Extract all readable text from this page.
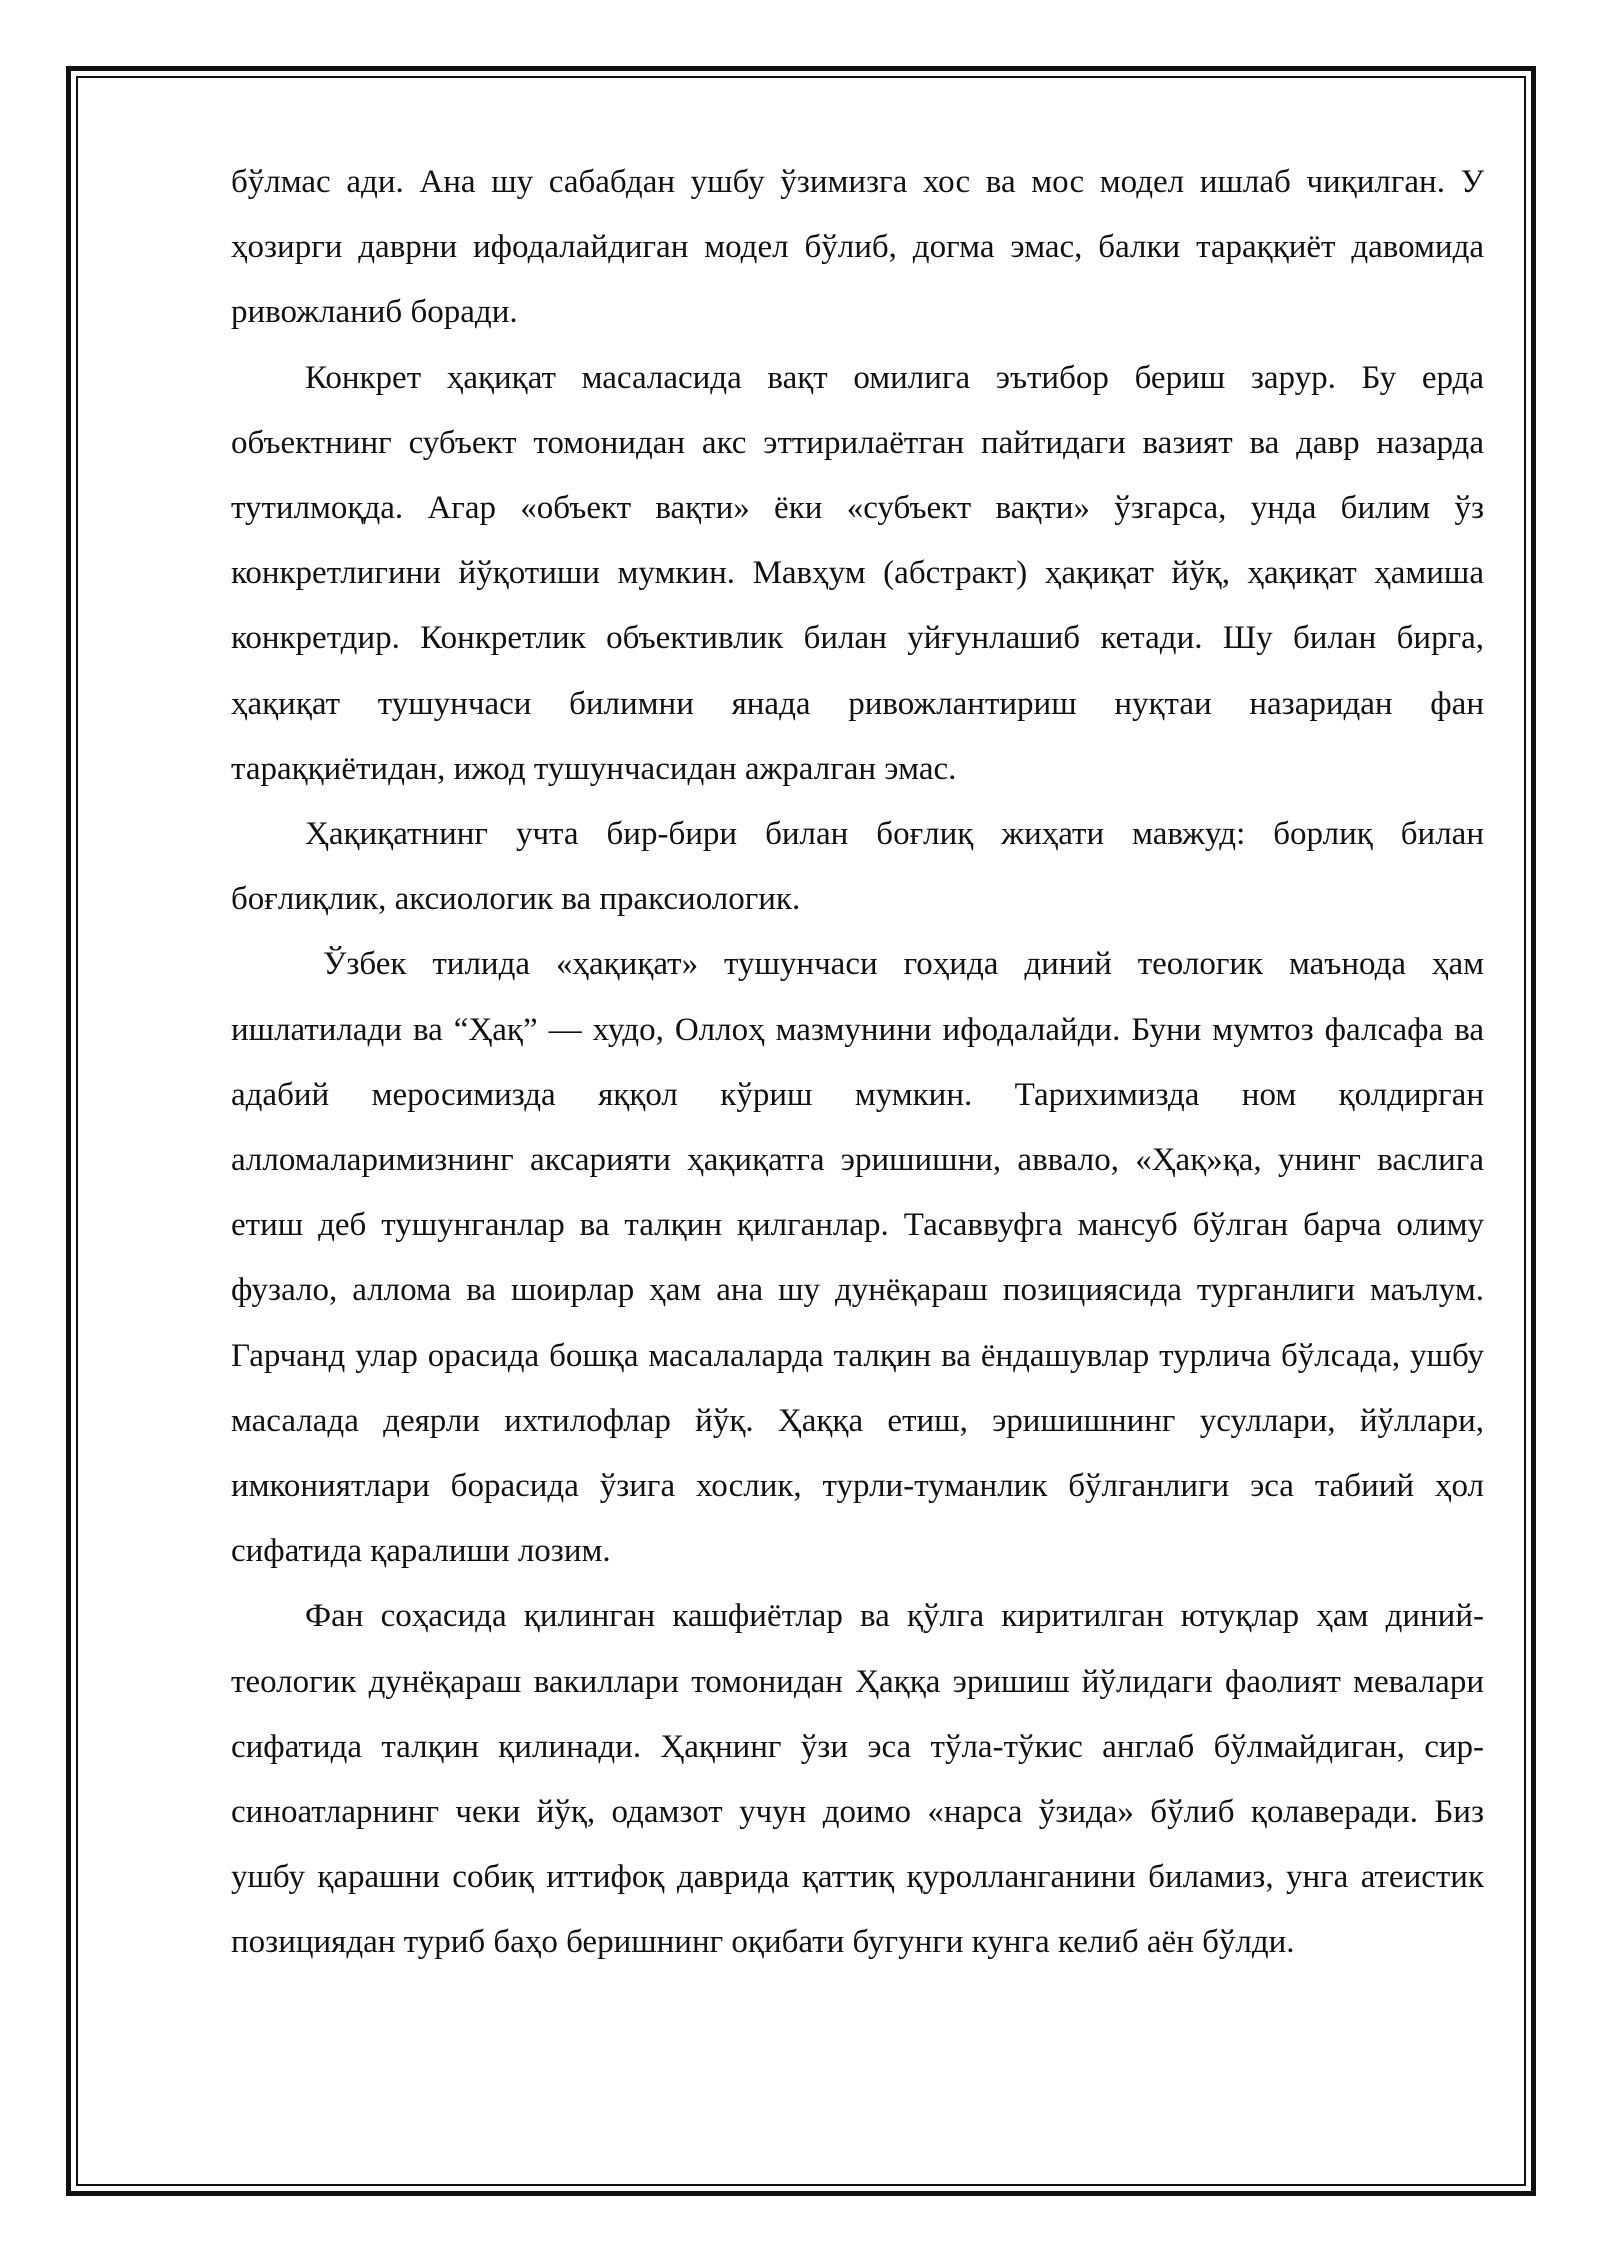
бўлмас ади. Ана шу сабабдан ушбу ўзимизга хос ва мос модел ишлаб чиқилган. У ҳозирги даврни ифодалайдиган модел бўлиб, догма эмас, балки тараққиёт давомида ривожланиб боради.

Конкрет ҳақиқат масаласида вақт омилига эътибор бериш зарур. Бу ерда объектнинг субъект томонидан акс эттирилаётган пайтидаги вазият ва давр назарда тутилмоқда. Агар «объект вақти» ёки «субъект вақти» ўзгарса, унда билим ўз конкретлигини йўқотиши мумкин. Мавҳум (абстракт) ҳақиқат йўқ, ҳақиқат ҳамиша конкретдир. Конкретлик объективлик билан уйғунлашиб кетади. Шу билан бирга, ҳақиқат тушунчаси билимни янада ривожлантириш нуқтаи назаридан фан тараққиётидан, ижод тушунчасидан ажралган эмас.

Ҳақиқатнинг учта бир-бири билан боғлиқ жиҳати мавжуд: борлиқ билан боғлиқлик, аксиологик ва праксиологик.

Ўзбек тилида «ҳақиқат» тушунчаси гоҳида диний теологик маънода ҳам ишлатилади ва “Ҳақ” — худо, Оллоҳ мазмунини ифодалайди. Буни мумтоз фалсафа ва адабий меросимизда яққол кўриш мумкин. Тарихимизда ном қолдирган алломаларимизнинг аксарияти ҳақиқатга эришишни, аввало, «Ҳақ»қа, унинг васлига етиш деб тушунганлар ва талқин қилганлар. Тасаввуфга мансуб бўлган барча олиму фузало, аллома ва шоирлар ҳам ана шу дунёқараш позициясида турганлиги маълум. Гарчанд улар орасида бошқа масалаларда талқин ва ёндашувлар турлича бўлсада, ушбу масалада деярли ихтилофлар йўқ. Ҳаққа етиш, эришишнинг усуллари, йўллари, имкониятлари борасида ўзига хослик, турли-туманлик бўлганлиги эса табиий ҳол сифатида қаралиши лозим.

Фан соҳасида қилинган кашфиётлар ва қўлга киритилган ютуқлар ҳам диний-теологик дунёқараш вакиллари томонидан Ҳаққа эришиш йўлидаги фаолият мевалари сифатида талқин қилинади. Ҳақнинг ўзи эса тўла-тўкис англаб бўлмайдиган, сир-синоатларнинг чеки йўқ, одамзот учун доимо «нарса ўзида» бўлиб қолаверади. Биз ушбу қарашни собиқ иттифоқ даврида қаттиқ қуролланганини биламиз, унга атеистик позициядан туриб баҳо беришнинг оқибати бугунги кунга келиб аён бўлди.
